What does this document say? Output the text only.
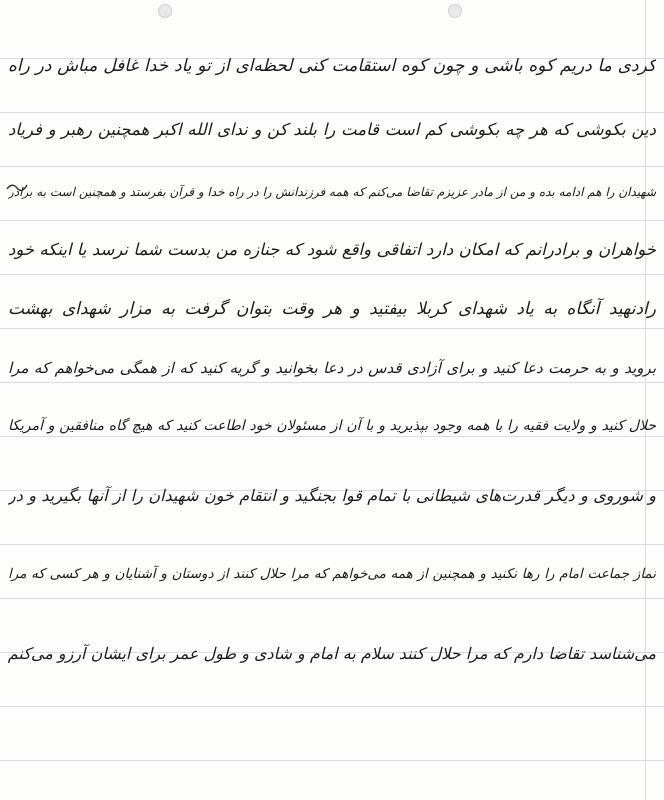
کردی ما دریم کوه باشی و چون کوه استقامت کنی لحظه‌ای از تو یاد خدا غافل مباش در راه
دین بکوشی که هر چه بکوشی کم است قامت را بلند کن و ندای الله اکبر همچنین رهبر و فریاد
شهیدان را هم ادامه بده و من از مادر عزیزم تقاضا می‌کنم که همه فرزندانش را در راه خدا و قرآن بفرستد و همچنین است به برادر
خواهران و برادرانم که امکان دارد اتفاقی واقع شود که جنازه من بدست شما نرسد یا اینکه خود
رادنهید آنگاه به یاد شهدای کربلا بیفتید و هر وقت بتوان گرفت به مزار شهدای بهشت
بروید و به حرمت دعا کنید و برای آزادی قدس در دعا بخوانید و گریه کنید که از همگی می‌خواهم که مرا
حلال کنید و ولایت فقیه را با همه وجود بپذیرید و با آن از مسئولان خود اطاعت کنید که هیچ گاه منافقین و آمریکا
و شوروی و دیگر قدرت‌های شیطانی با تمام قوا بجنگید و انتقام خون شهیدان را از آنها بگیرید و در
نماز جماعت امام را رها نکنید و همچنین از همه می‌خواهم که مرا حلال کنند از دوستان و آشنایان و هر کسی که مرا
می‌شناسد تقاضا دارم که مرا حلال کنند سلام به امام و شادی و طول عمر برای ایشان آرزو می‌کنم
